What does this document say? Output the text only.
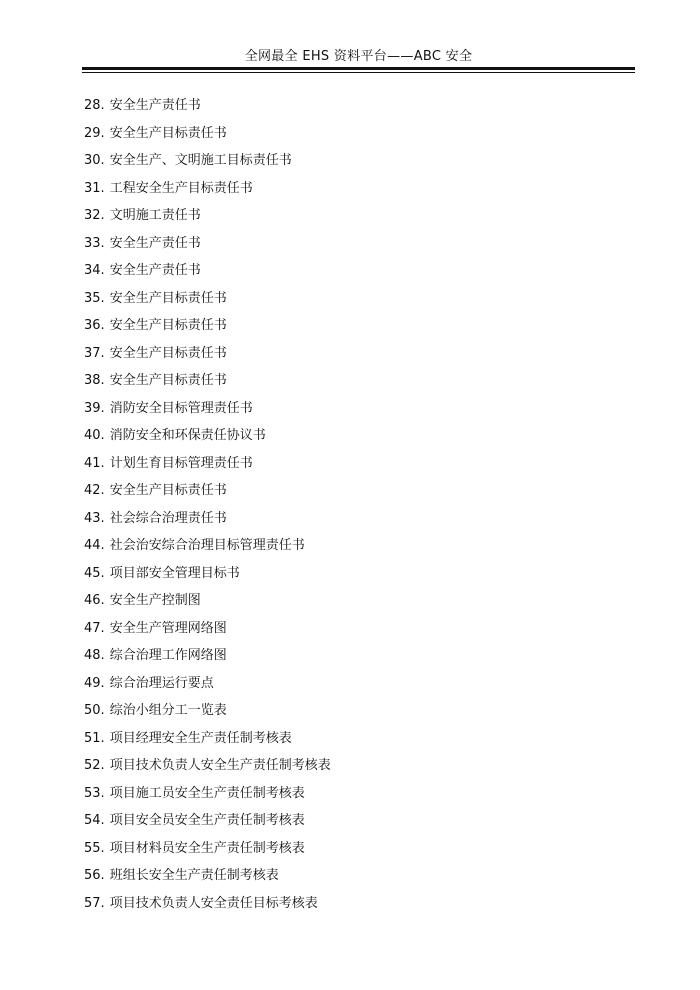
全网最全 EHS 资料平台——ABC 安全
28. 安全生产责任书
29. 安全生产目标责任书
30. 安全生产、文明施工目标责任书
31. 工程安全生产目标责任书
32. 文明施工责任书
33. 安全生产责任书
34. 安全生产责任书
35. 安全生产目标责任书
36. 安全生产目标责任书
37. 安全生产目标责任书
38. 安全生产目标责任书
39. 消防安全目标管理责任书
40. 消防安全和环保责任协议书
41. 计划生育目标管理责任书
42. 安全生产目标责任书
43. 社会综合治理责任书
44. 社会治安综合治理目标管理责任书
45. 项目部安全管理目标书
46. 安全生产控制图
47. 安全生产管理网络图
48. 综合治理工作网络图
49. 综合治理运行要点
50. 综治小组分工一览表
51. 项目经理安全生产责任制考核表
52. 项目技术负责人安全生产责任制考核表
53. 项目施工员安全生产责任制考核表
54. 项目安全员安全生产责任制考核表
55. 项目材料员安全生产责任制考核表
56. 班组长安全生产责任制考核表
57. 项目技术负责人安全责任目标考核表
